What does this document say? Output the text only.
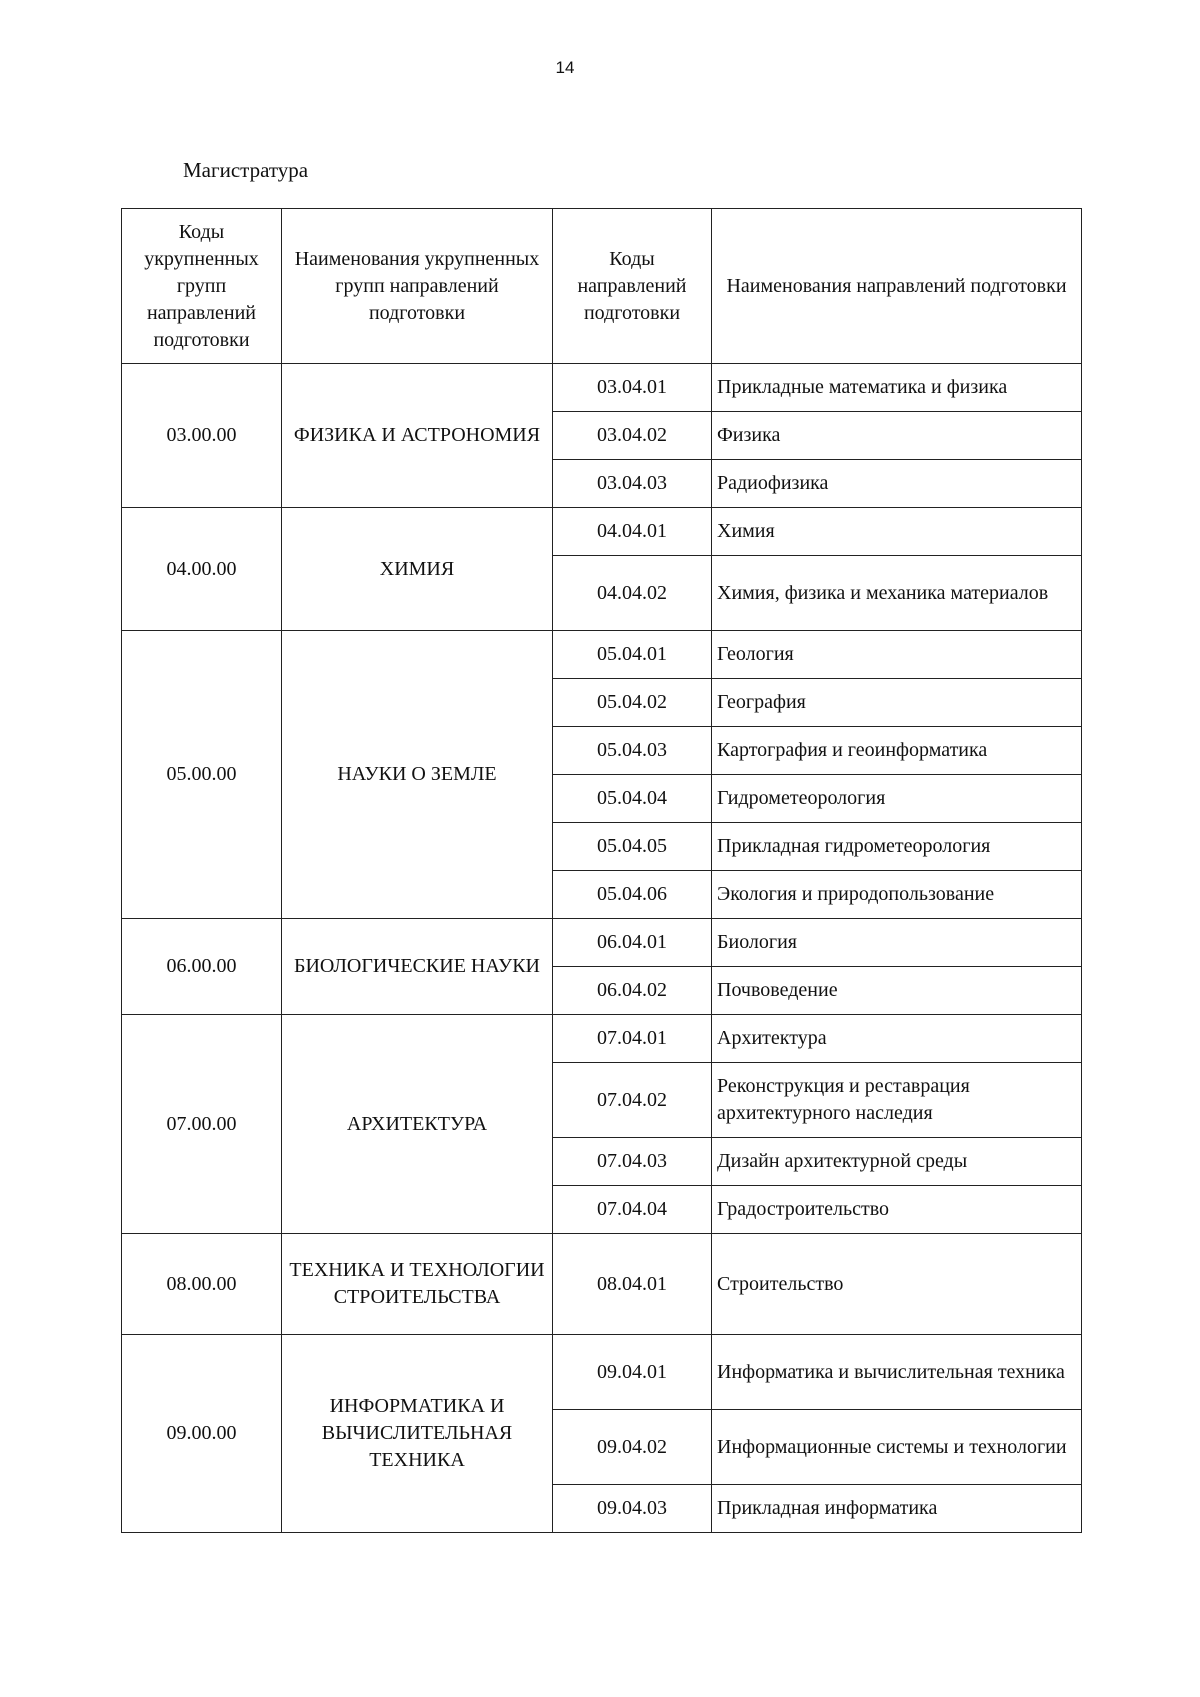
14
Магистратура
Коды укрупненных групп направлений подготовки	Наименования укрупненных групп направлений подготовки	Коды направлений подготовки	Наименования направлений подготовки
03.00.00	ФИЗИКА И АСТРОНОМИЯ	03.04.01	Прикладные математика и физика
		03.04.02	Физика
		03.04.03	Радиофизика
04.00.00	ХИМИЯ	04.04.01	Химия
		04.04.02	Химия, физика и механика материалов
05.00.00	НАУКИ О ЗЕМЛЕ	05.04.01	Геология
		05.04.02	География
		05.04.03	Картография и геоинформатика
		05.04.04	Гидрометеорология
		05.04.05	Прикладная гидрометеорология
		05.04.06	Экология и природопользование
06.00.00	БИОЛОГИЧЕСКИЕ НАУКИ	06.04.01	Биология
		06.04.02	Почвоведение
07.00.00	АРХИТЕКТУРА	07.04.01	Архитектура
		07.04.02	Реконструкция и реставрация архитектурного наследия
		07.04.03	Дизайн архитектурной среды
		07.04.04	Градостроительство
08.00.00	ТЕХНИКА И ТЕХНОЛОГИИ СТРОИТЕЛЬСТВА	08.04.01	Строительство
09.00.00	ИНФОРМАТИКА И ВЫЧИСЛИТЕЛЬНАЯ ТЕХНИКА	09.04.01	Информатика и вычислительная техника
		09.04.02	Информационные системы и технологии
		09.04.03	Прикладная информатика
